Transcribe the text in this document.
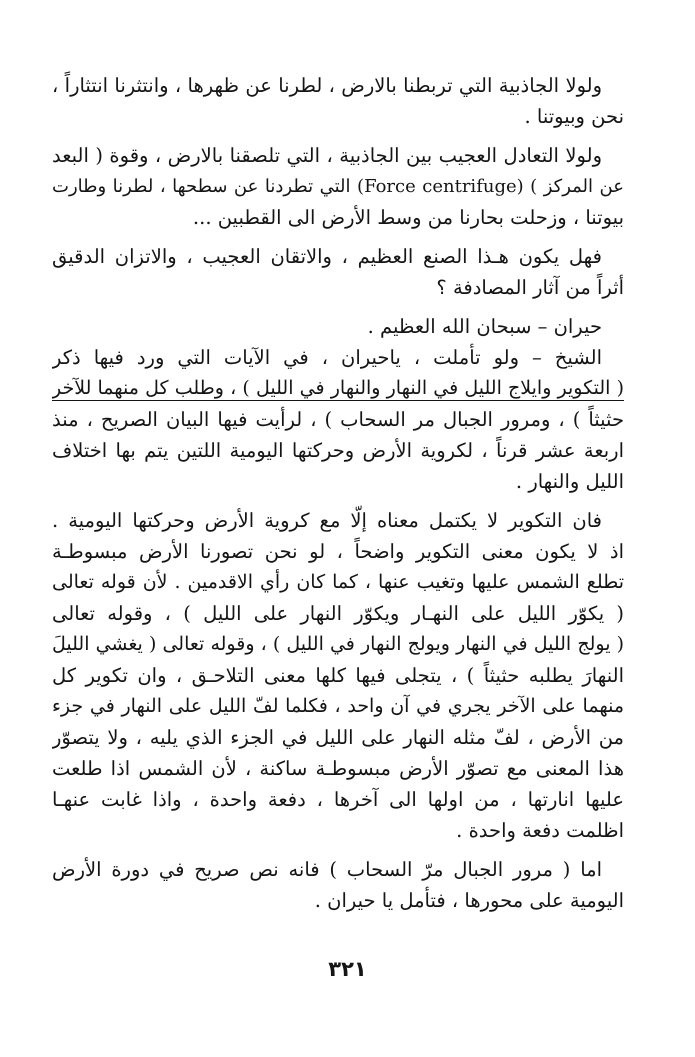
ولولا الجاذبية التي تربطنا بالارض ، لطرنا عن ظهرها ، وانتثرنا انتثاراً ،
نحن وبيوتنا .
ولولا التعادل العجيب بين الجاذبية ، التي تلصقنا بالارض ، وقوة ( البعد
عن المركز ) (Force centrifuge) التي تطردنا عن سطحها ، لطرنا وطارت
بيوتنا ، وزحلت بحارنا من وسط الأرض الى القطبين ...
فهل يكون هـذا الصنع العظيم ، والاتقان العجيب ، والاتزان الدقيق
أثراً من آثار المصادفة ؟
حيران – سبحان الله العظيم .
الشيخ – ولو تأملت ، ياحيران ، في الآيات التي ورد فيها ذكر
( التكوير وايلاج الليل في النهار والنهار في الليل ) ، وطلب كل منهما للآخر
حثيثاً ) ، ومرور الجبال مر السحاب ) ، لرأيت فيها البيان الصريح ، منذ
اربعة عشر قرناً ، لكروية الأرض وحركتها اليومية اللتين يتم بها اختلاف
الليل والنهار .
فان التكوير لا يكتمل معناه إلّا مع كروية الأرض وحركتها اليومية .
اذ لا يكون معنى التكوير واضحاً ، لو نحن تصورنا الأرض مبسوطـة
تطلع الشمس عليها وتغيب عنها ، كما كان رأي الاقدمين . لأن قوله تعالى
( يكوّر الليل على النهـار ويكوّر النهار على الليل ) ، وقوله تعالى
( يولج الليل في النهار ويولج النهار في الليل ) ، وقوله تعالى ( يغشي الليلَ
النهارَ يطلبه حثيثاً ) ، يتجلى فيها كلها معنى التلاحـق ، وان تكوير كل
منهما على الآخر يجري في آن واحد ، فكلما لفّ الليل على النهار في جزء
من الأرض ، لفّ مثله النهار على الليل في الجزء الذي يليه ، ولا يتصوّر
هذا المعنى مع تصوّر الأرض مبسوطـة ساكنة ، لأن الشمس اذا طلعت
عليها انارتها ، من اولها الى آخرها ، دفعة واحدة ، واذا غابت عنهـا
اظلمت دفعة واحدة .
اما ( مرور الجبال مرّ السحاب ) فانه نص صريح في دورة الأرض
اليومية على محورها ، فتأمل يا حيران .
٣٢١
